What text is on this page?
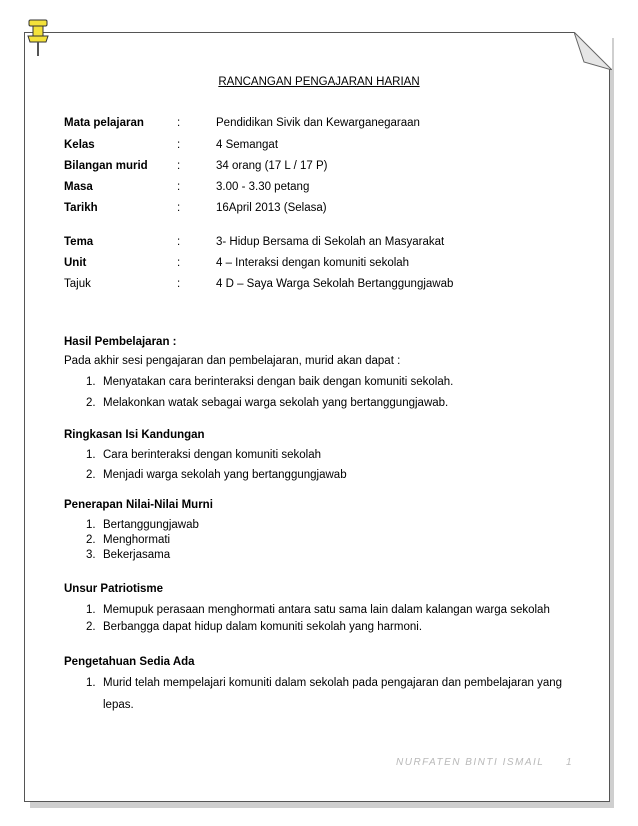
RANCANGAN PENGAJARAN HARIAN
Mata pelajaran	:	Pendidikan Sivik dan Kewarganegaraan
Kelas	:	4 Semangat
Bilangan murid	:	34 orang (17 L / 17 P)
Masa	:	3.00 - 3.30 petang
Tarikh	:	16April 2013 (Selasa)
Tema	:	3- Hidup Bersama di Sekolah an Masyarakat
Unit	:	4 – Interaksi dengan komuniti sekolah
Tajuk	:	4 D – Saya Warga Sekolah Bertanggungjawab
Hasil Pembelajaran :
Pada akhir sesi pengajaran dan pembelajaran, murid akan dapat :
1. Menyatakan cara berinteraksi dengan baik dengan komuniti sekolah.
2. Melakonkan watak sebagai warga sekolah yang bertanggungjawab.
Ringkasan Isi Kandungan
1. Cara berinteraksi dengan komuniti sekolah
2. Menjadi warga sekolah yang bertanggungjawab
Penerapan Nilai-Nilai Murni
1. Bertanggungjawab
2. Menghormati
3. Bekerjasama
Unsur Patriotisme
1. Memupuk perasaan menghormati antara satu sama lain dalam kalangan warga sekolah
2. Berbangga dapat hidup dalam komuniti sekolah yang harmoni.
Pengetahuan Sedia Ada
1. Murid telah mempelajari komuniti dalam sekolah pada pengajaran dan pembelajaran yang
lepas.
NURFATEN BINTI ISMAIL 1
